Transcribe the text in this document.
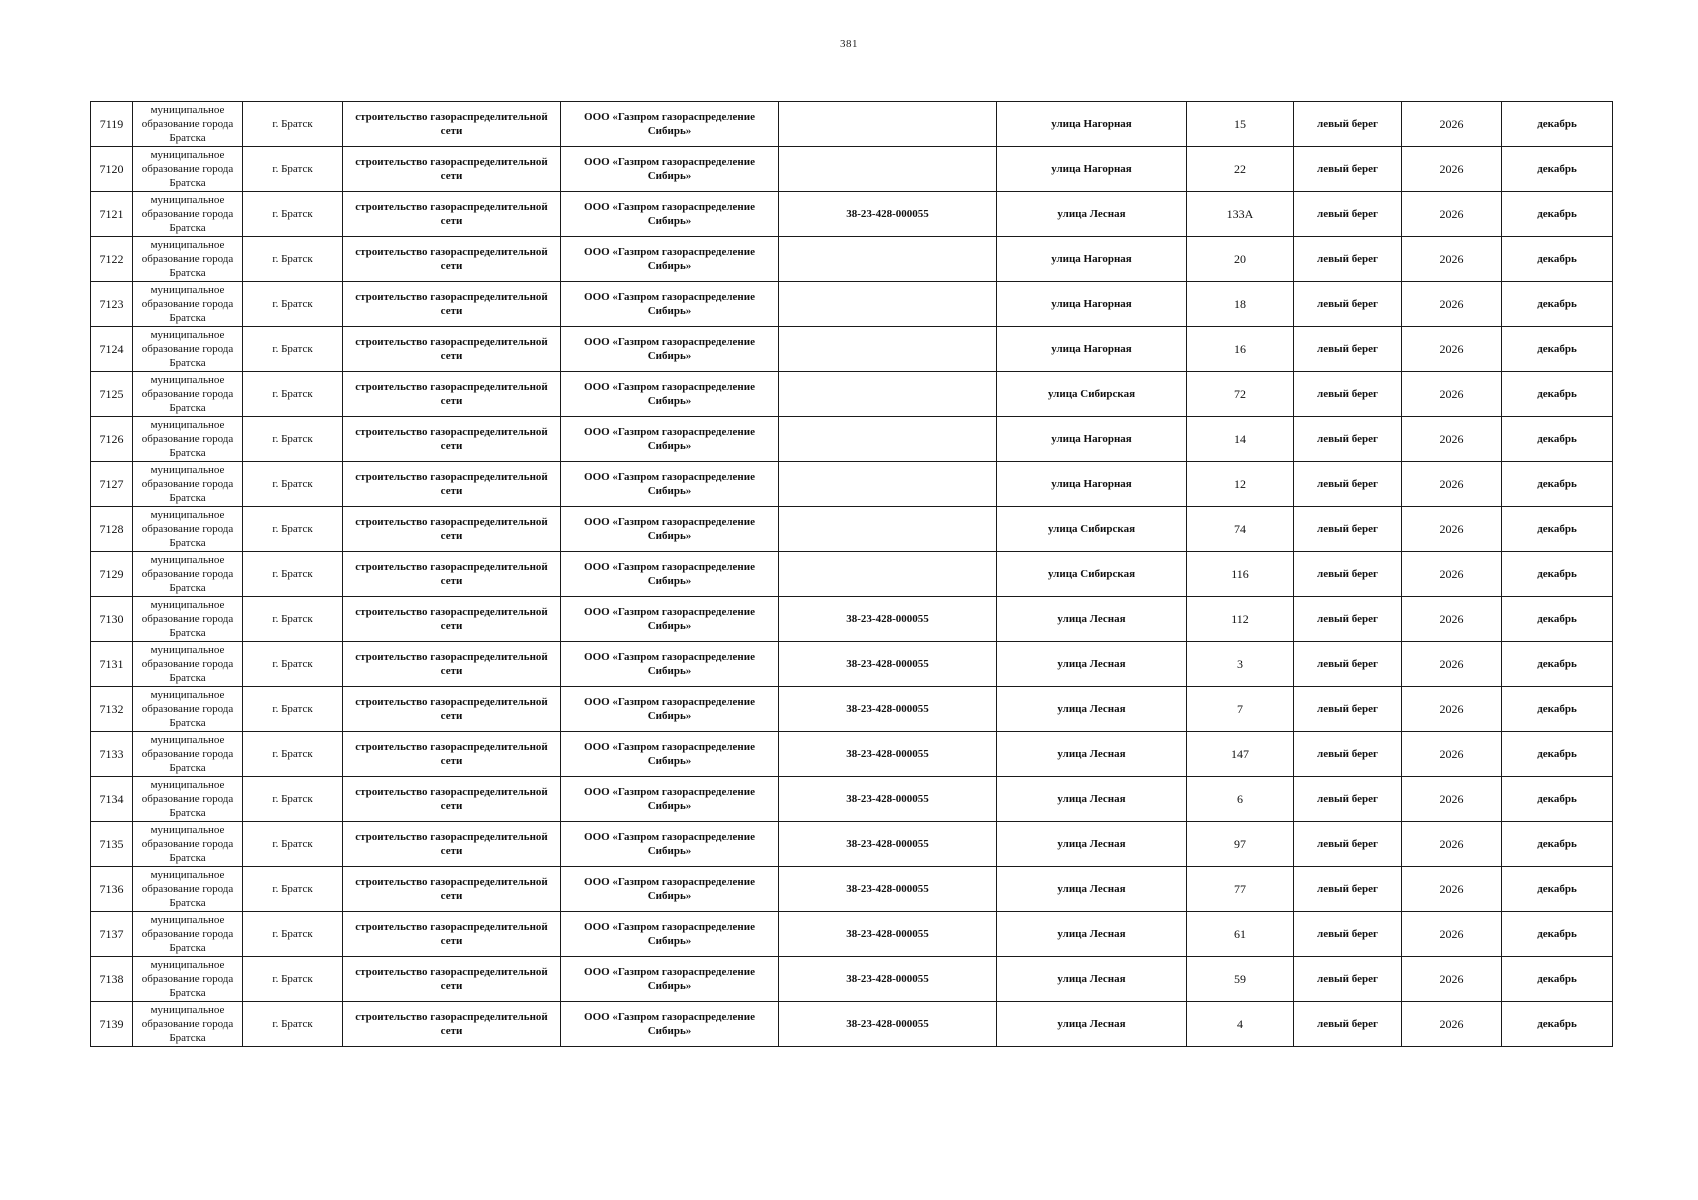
381
7119	муниципальное образование города Братска	г. Братск	строительство газораспределительной сети	ООО «Газпром газораспределение Сибирь»		улица Нагорная	15	левый берег	2026	декабрь
7120	муниципальное образование города Братска	г. Братск	строительство газораспределительной сети	ООО «Газпром газораспределение Сибирь»		улица Нагорная	22	левый берег	2026	декабрь
7121	муниципальное образование города Братска	г. Братск	строительство газораспределительной сети	ООО «Газпром газораспределение Сибирь»	38-23-428-000055	улица Лесная	133А	левый берег	2026	декабрь
7122	муниципальное образование города Братска	г. Братск	строительство газораспределительной сети	ООО «Газпром газораспределение Сибирь»		улица Нагорная	20	левый берег	2026	декабрь
7123	муниципальное образование города Братска	г. Братск	строительство газораспределительной сети	ООО «Газпром газораспределение Сибирь»		улица Нагорная	18	левый берег	2026	декабрь
7124	муниципальное образование города Братска	г. Братск	строительство газораспределительной сети	ООО «Газпром газораспределение Сибирь»		улица Нагорная	16	левый берег	2026	декабрь
7125	муниципальное образование города Братска	г. Братск	строительство газораспределительной сети	ООО «Газпром газораспределение Сибирь»		улица Сибирская	72	левый берег	2026	декабрь
7126	муниципальное образование города Братска	г. Братск	строительство газораспределительной сети	ООО «Газпром газораспределение Сибирь»		улица Нагорная	14	левый берег	2026	декабрь
7127	муниципальное образование города Братска	г. Братск	строительство газораспределительной сети	ООО «Газпром газораспределение Сибирь»		улица Нагорная	12	левый берег	2026	декабрь
7128	муниципальное образование города Братска	г. Братск	строительство газораспределительной сети	ООО «Газпром газораспределение Сибирь»		улица Сибирская	74	левый берег	2026	декабрь
7129	муниципальное образование города Братска	г. Братск	строительство газораспределительной сети	ООО «Газпром газораспределение Сибирь»		улица Сибирская	116	левый берег	2026	декабрь
7130	муниципальное образование города Братска	г. Братск	строительство газораспределительной сети	ООО «Газпром газораспределение Сибирь»	38-23-428-000055	улица Лесная	112	левый берег	2026	декабрь
7131	муниципальное образование города Братска	г. Братск	строительство газораспределительной сети	ООО «Газпром газораспределение Сибирь»	38-23-428-000055	улица Лесная	3	левый берег	2026	декабрь
7132	муниципальное образование города Братска	г. Братск	строительство газораспределительной сети	ООО «Газпром газораспределение Сибирь»	38-23-428-000055	улица Лесная	7	левый берег	2026	декабрь
7133	муниципальное образование города Братска	г. Братск	строительство газораспределительной сети	ООО «Газпром газораспределение Сибирь»	38-23-428-000055	улица Лесная	147	левый берег	2026	декабрь
7134	муниципальное образование города Братска	г. Братск	строительство газораспределительной сети	ООО «Газпром газораспределение Сибирь»	38-23-428-000055	улица Лесная	6	левый берег	2026	декабрь
7135	муниципальное образование города Братска	г. Братск	строительство газораспределительной сети	ООО «Газпром газораспределение Сибирь»	38-23-428-000055	улица Лесная	97	левый берег	2026	декабрь
7136	муниципальное образование города Братска	г. Братск	строительство газораспределительной сети	ООО «Газпром газораспределение Сибирь»	38-23-428-000055	улица Лесная	77	левый берег	2026	декабрь
7137	муниципальное образование города Братска	г. Братск	строительство газораспределительной сети	ООО «Газпром газораспределение Сибирь»	38-23-428-000055	улица Лесная	61	левый берег	2026	декабрь
7138	муниципальное образование города Братска	г. Братск	строительство газораспределительной сети	ООО «Газпром газораспределение Сибирь»	38-23-428-000055	улица Лесная	59	левый берег	2026	декабрь
7139	муниципальное образование города Братска	г. Братск	строительство газораспределительной сети	ООО «Газпром газораспределение Сибирь»	38-23-428-000055	улица Лесная	4	левый берег	2026	декабрь
